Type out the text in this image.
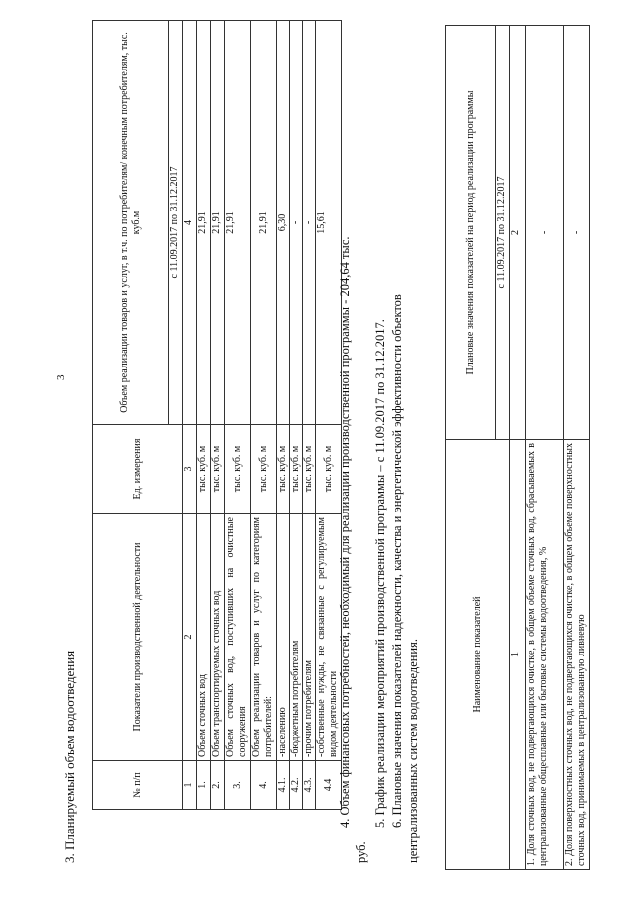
3
3. Планируемый объем водоотведения	№ п/п	Показатели производственной деятельности	Ед. измерения	Объем реализации товаров и услуг, в т.ч. по потребителям/ конечным потребителям, тыс. куб.м
			с 11.09.2017 по 31.12.2017
1	2	3	4
1.	Объем сточных вод	тыс. куб. м	21,91
2.	Объем транспортируемых сточных вод	тыс. куб. м	21,91
3.	Объем сточных вод, поступивших на очистные сооружения	тыс. куб. м	21,91
4.	Объем реализации товаров и услуг по категориям потребителей:	тыс. куб. м	21,91
4.1.	-населению	тыс. куб. м	6,30
4.2.	-бюджетным потребителям	тыс. куб. м	-
4.3.	-прочим потребителям	тыс. куб. м	-
4.4	-собственные нужды, не связанные с регулируемым видом деятельности	тыс. куб. м	15,61
4. Объем финансовых потребностей, необходимый для реализации производственной программы - 204,64 тыс.
руб.
5. График реализации мероприятий производственной программы – с 11.09.2017 по 31.12.2017. 6. Плановые значения показателей надежности, качества и энергетической эффективности объектов централизованных систем водоотведения.	Наименование показателей	Плановые значения показателей на период реализации программы
	с 11.09.2017 по 31.12.2017
1	2
1. Доля сточных вод, не подвергающихся очистке, в общем объеме сточных вод, сбрасываемых в централизованные общесплавные или бытовые системы водоотведения, %	-
2. Доля поверхностных сточных вод, не подвергающихся очистке, в общем объеме поверхностных сточных вод, принимаемых в централизованную ливневую	-
